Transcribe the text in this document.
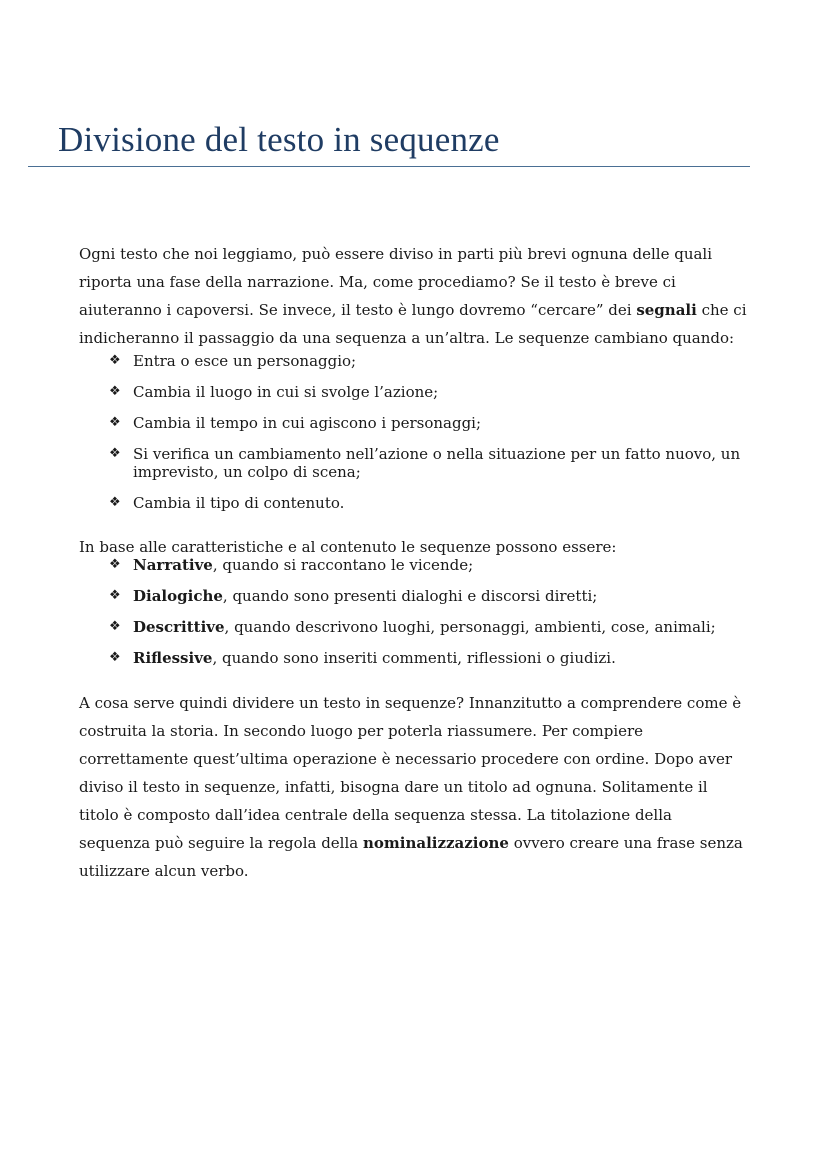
Divisione del testo in sequenze

Ogni testo che noi leggiamo, può essere diviso in parti più brevi ognuna delle quali riporta una fase della narrazione. Ma, come procediamo? Se il testo è breve ci aiuteranno i capoversi. Se invece, il testo è lungo dovremo “cercare” dei segnali che ci indicheranno il passaggio da una sequenza a un’altra. Le sequenze cambiano quando:

❖ Entra o esce un personaggio;
❖ Cambia il luogo in cui si svolge l’azione;
❖ Cambia il tempo in cui agiscono i personaggi;
❖ Si verifica un cambiamento nell’azione o nella situazione per un fatto nuovo, un imprevisto, un colpo di scena;
❖ Cambia il tipo di contenuto.

In base alle caratteristiche e al contenuto le sequenze possono essere:

❖ Narrative, quando si raccontano le vicende;
❖ Dialogiche, quando sono presenti dialoghi e discorsi diretti;
❖ Descrittive, quando descrivono luoghi, personaggi, ambienti, cose, animali;
❖ Riflessive, quando sono inseriti commenti, riflessioni o giudizi.

A cosa serve quindi dividere un testo in sequenze? Innanzitutto a comprendere come è costruita la storia. In secondo luogo per poterla riassumere. Per compiere correttamente quest’ultima operazione è necessario procedere con ordine. Dopo aver diviso il testo in sequenze, infatti, bisogna dare un titolo ad ognuna. Solitamente il titolo è composto dall’idea centrale della sequenza stessa. La titolazione della sequenza può seguire la regola della nominalizzazione ovvero creare una frase senza utilizzare alcun verbo.
